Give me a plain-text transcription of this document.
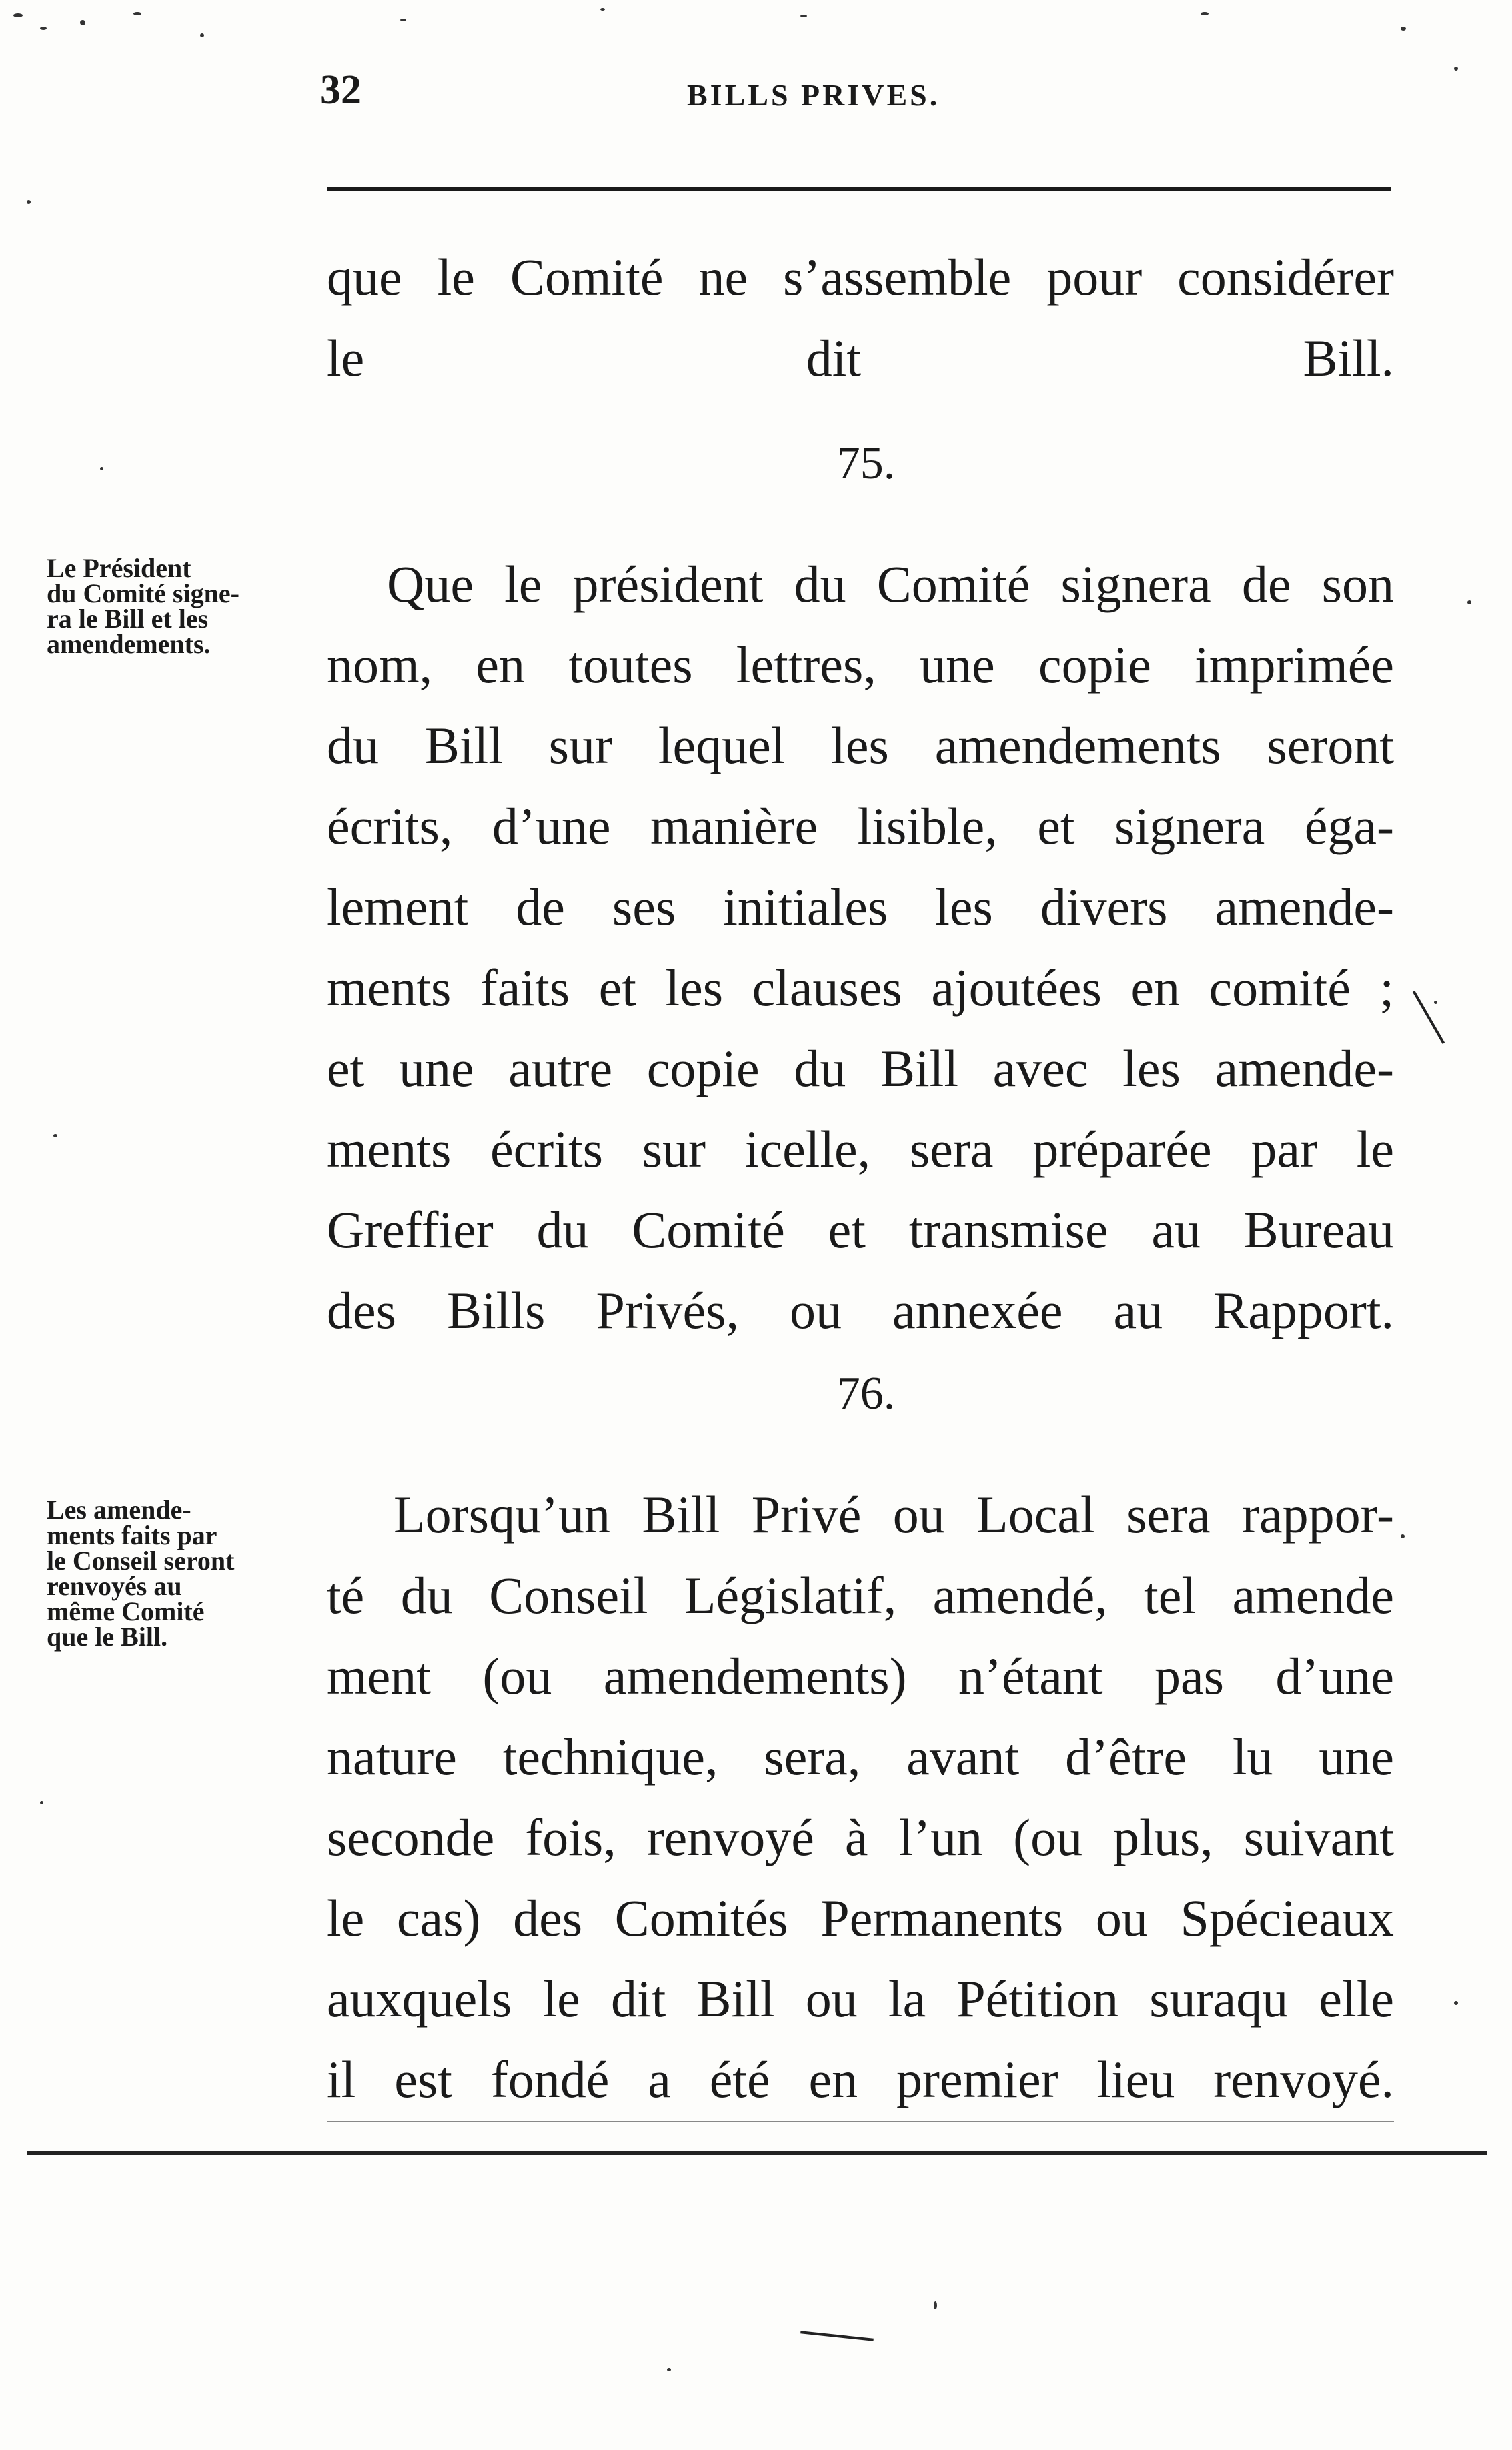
32	BILLS PRIVES.
que le Comité ne s’assemble pour considérer
le dit Bill.
75.
Le Président
du Comité signe-
ra le Bill et les
amendements.
Que le président du Comité signera de son
nom, en toutes lettres, une copie imprimée
du Bill sur lequel les amendements seront
écrits, d’une manière lisible, et signera éga-
lement de ses initiales les divers amende-
ments faits et les clauses ajoutées en comité ;
et une autre copie du Bill avec les amende-
ments écrits sur icelle, sera préparée par le
Greffier du Comité et transmise au Bureau
des Bills Privés, ou annexée au Rapport.
76.
Les amende-
ments faits par
le Conseil seront
renvoyés au
même Comité
que le Bill.
Lorsqu’un Bill Privé ou Local sera rappor-
té du Conseil Législatif, amendé, tel amende
ment (ou amendements) n’étant pas d’une
nature technique, sera, avant d’être lu une
seconde fois, renvoyé à l’un (ou plus, suivant
le cas) des Comités Permanents ou Spécieaux
auxquels le dit Bill ou la Pétition suraqu elle
il est fondé a été en premier lieu renvoyé.
